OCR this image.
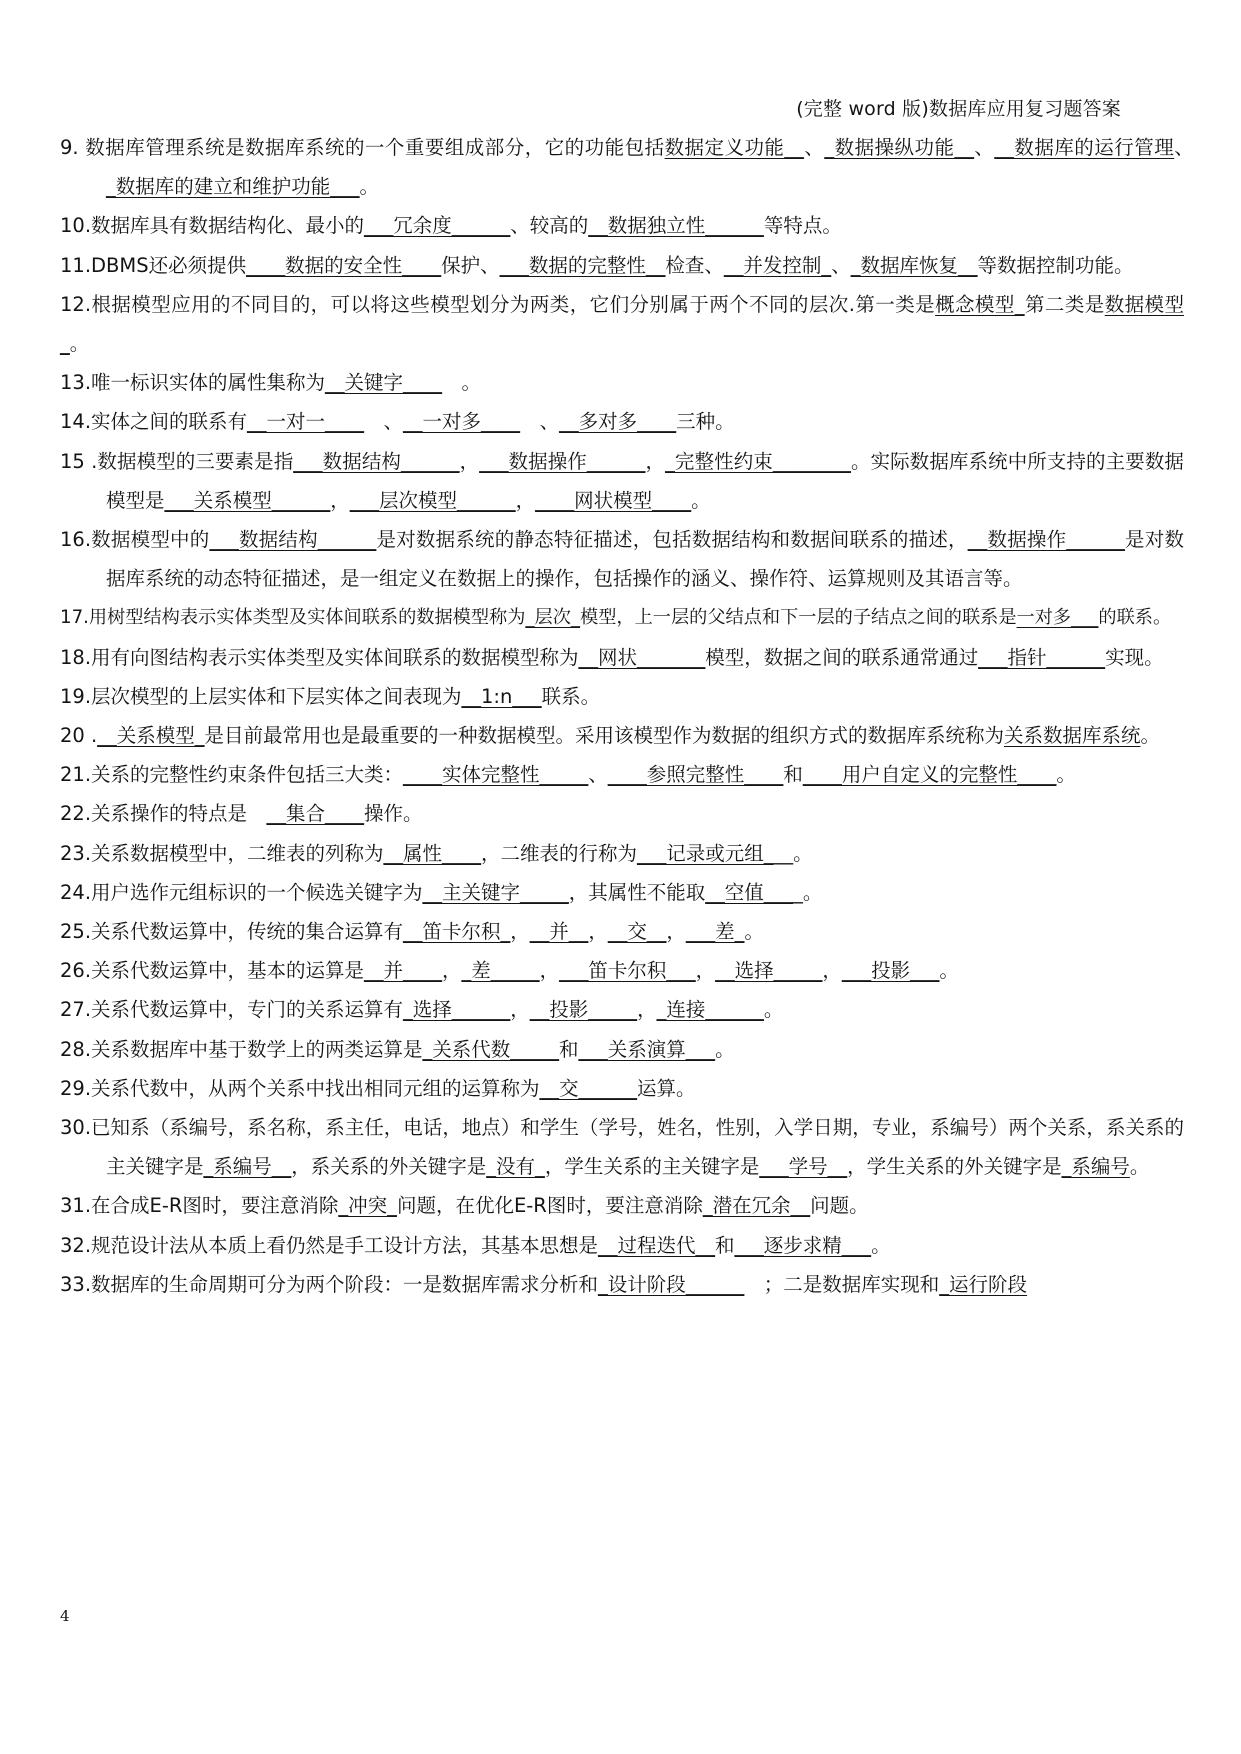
(完整 word 版)数据库应用复习题答案
9. 数据库管理系统是数据库系统的一个重要组成部分，它的功能包括数据定义功能__、_数据操纵功能__、__数据库的运行管理、　　_数据库的建立和维护功能___。
10.数据库具有数据结构化、最小的___冗余度______、较高的__数据独立性______等特点。
11.DBMS还必须提供____数据的安全性____保护、___数据的完整性__检查、__并发控制_、_数据库恢复__等数据控制功能。
12.根据模型应用的不同目的，可以将这些模型划分为两类，它们分别属于两个不同的层次.第一类是概念模型_第二类是数据模型_。
13.唯一标识实体的属性集称为__关键字____　。
14.实体之间的联系有__一对一____　、__一对多____　、__多对多____三种。
15 .数据模型的三要素是指___数据结构______，___数据操作______，_完整性约束________。实际数据库系统中所支持的主要数据模型是___关系模型______，___层次模型______，____网状模型____。
16.数据模型中的___数据结构______是对数据系统的静态特征描述，包括数据结构和数据间联系的描述，__数据操作______是对数据库系统的动态特征描述，是一组定义在数据上的操作，包括操作的涵义、操作符、运算规则及其语言等。
17.用树型结构表示实体类型及实体间联系的数据模型称为_层次_模型，上一层的父结点和下一层的子结点之间的联系是一对多___的联系。
18.用有向图结构表示实体类型及实体间联系的数据模型称为__网状_______模型，数据之间的联系通常通过___指针______实现。
19.层次模型的上层实体和下层实体之间表现为__1:n___联系。
20 .__关系模型_是目前最常用也是最重要的一种数据模型。采用该模型作为数据的组织方式的数据库系统称为关系数据库系统。
21.关系的完整性约束条件包括三大类：____实体完整性_____、____参照完整性____和____用户自定义的完整性____。
22.关系操作的特点是　__集合____操作。
23.关系数据模型中，二维表的列称为__属性____，二维表的行称为___记录或元组___。
24.用户选作元组标识的一个候选关键字为__主关键字_____，其属性不能取__空值____。
25.关系代数运算中，传统的集合运算有__笛卡尔积_，__并__，__交__，___差_。
26.关系代数运算中，基本的运算是__并____，_差_____，___笛卡尔积___，__选择_____，___投影___。
27.关系代数运算中，专门的关系运算有_选择______，__投影_____，_连接______。
28.关系数据库中基于数学上的两类运算是_关系代数_____和___关系演算___。
29.关系代数中，从两个关系中找出相同元组的运算称为__交______运算。
30.已知系（系编号，系名称，系主任，电话，地点）和学生（学号，姓名，性别，入学日期，专业，系编号）两个关系，系关系的主关键字是_系编号__，系关系的外关键字是_没有_，学生关系的主关键字是___学号__，学生关系的外关键字是_系编号。
31.在合成E-R图时，要注意消除_冲突_问题，在优化E-R图时，要注意消除_潜在冗余__问题。
32.规范设计法从本质上看仍然是手工设计方法，其基本思想是__过程迭代__和___逐步求精___。
33.数据库的生命周期可分为两个阶段：一是数据库需求分析和_设计阶段______　；二是数据库实现和_运行阶段
4
